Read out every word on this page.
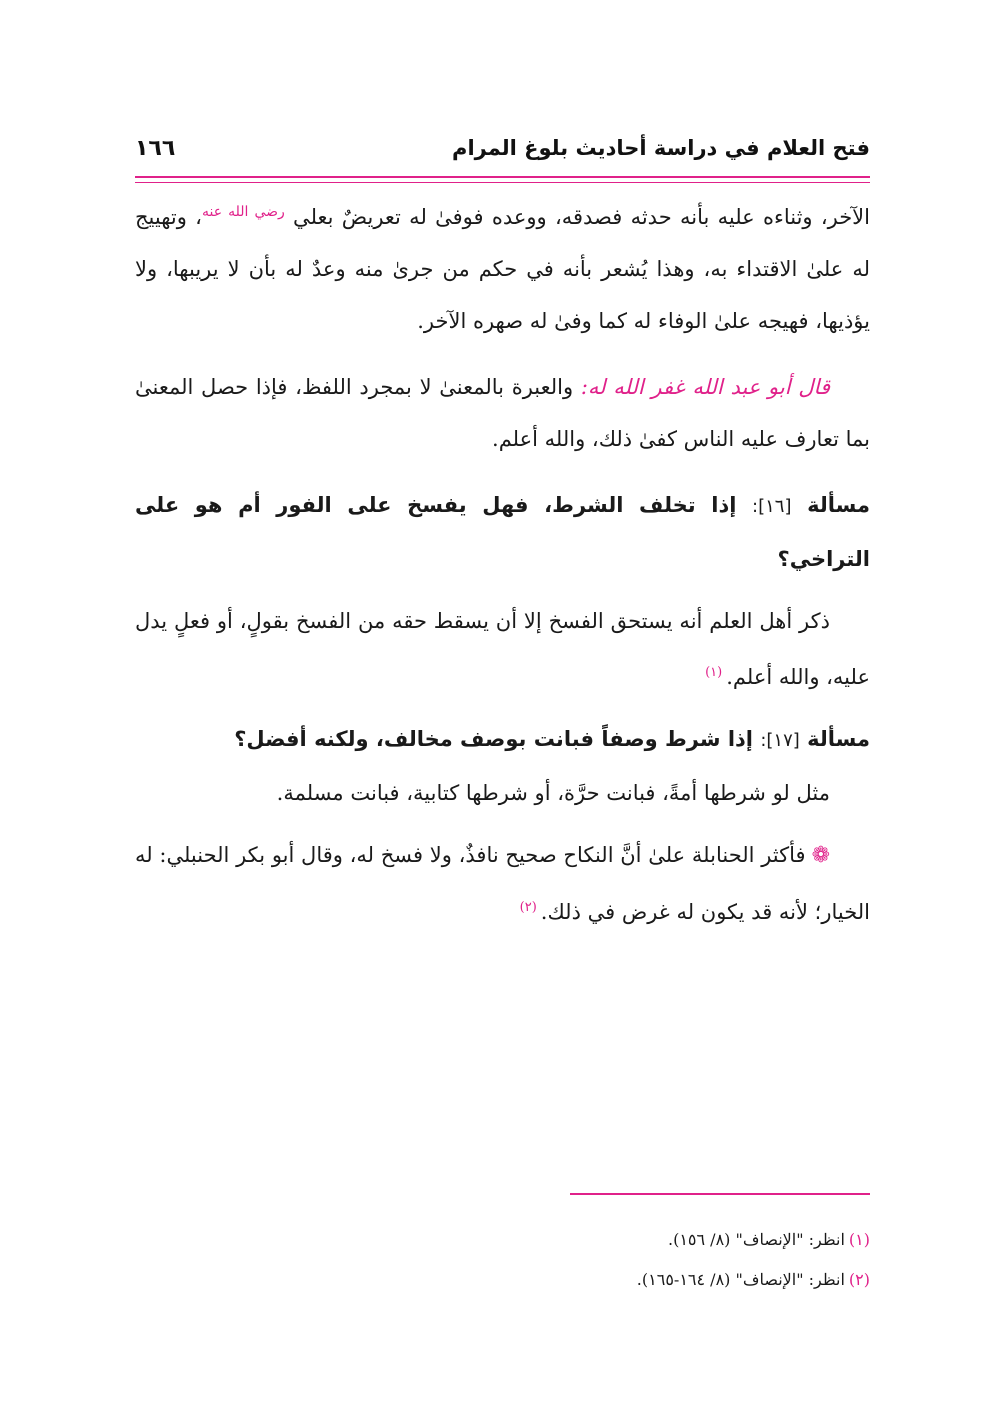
فتح العلام في دراسة أحاديث بلوغ المرام
١٦٦

الآخر، وثناءه عليه بأنه حدثه فصدقه، ووعده فوفىٰ له تعريضٌ بعلي $^{رضي الله عنه}$، وتهييج له علىٰ الاقتداء به، وهذا يُشعر بأنه في حكم من جرىٰ منه وعدٌ له بأن لا يريبها، ولا يؤذيها، فهيجه علىٰ الوفاء له كما وفىٰ له صهره الآخر.

قال أبو عبد الله غفر الله له: والعبرة بالمعنىٰ لا بمجرد اللفظ، فإذا حصل المعنىٰ بما تعارف عليه الناس كفىٰ ذلك، والله أعلم.

مسألة [١٦]: إذا تخلف الشرط، فهل يفسخ على الفور أم هو على التراخي؟

ذكر أهل العلم أنه يستحق الفسخ إلا أن يسقط حقه من الفسخ بقولٍ، أو فعلٍ يدل عليه، والله أعلم.$^{(١)}$

مسألة [١٧]: إذا شرط وصفاً فبانت بوصف مخالف، ولكنه أفضل؟

مثل لو شرطها أمةً، فبانت حرَّة، أو شرطها كتابية، فبانت مسلمة.

❁فأكثر الحنابلة علىٰ أنَّ النكاح صحيح نافذٌ، ولا فسخ له، وقال أبو بكر الحنبلي: له الخيار؛ لأنه قد يكون له غرض في ذلك.$^{(٢)}$

(١)انظر: "الإنصاف" (٨/ ١٥٦).

(٢)انظر: "الإنصاف" (٨/ ١٦٤-١٦٥).
